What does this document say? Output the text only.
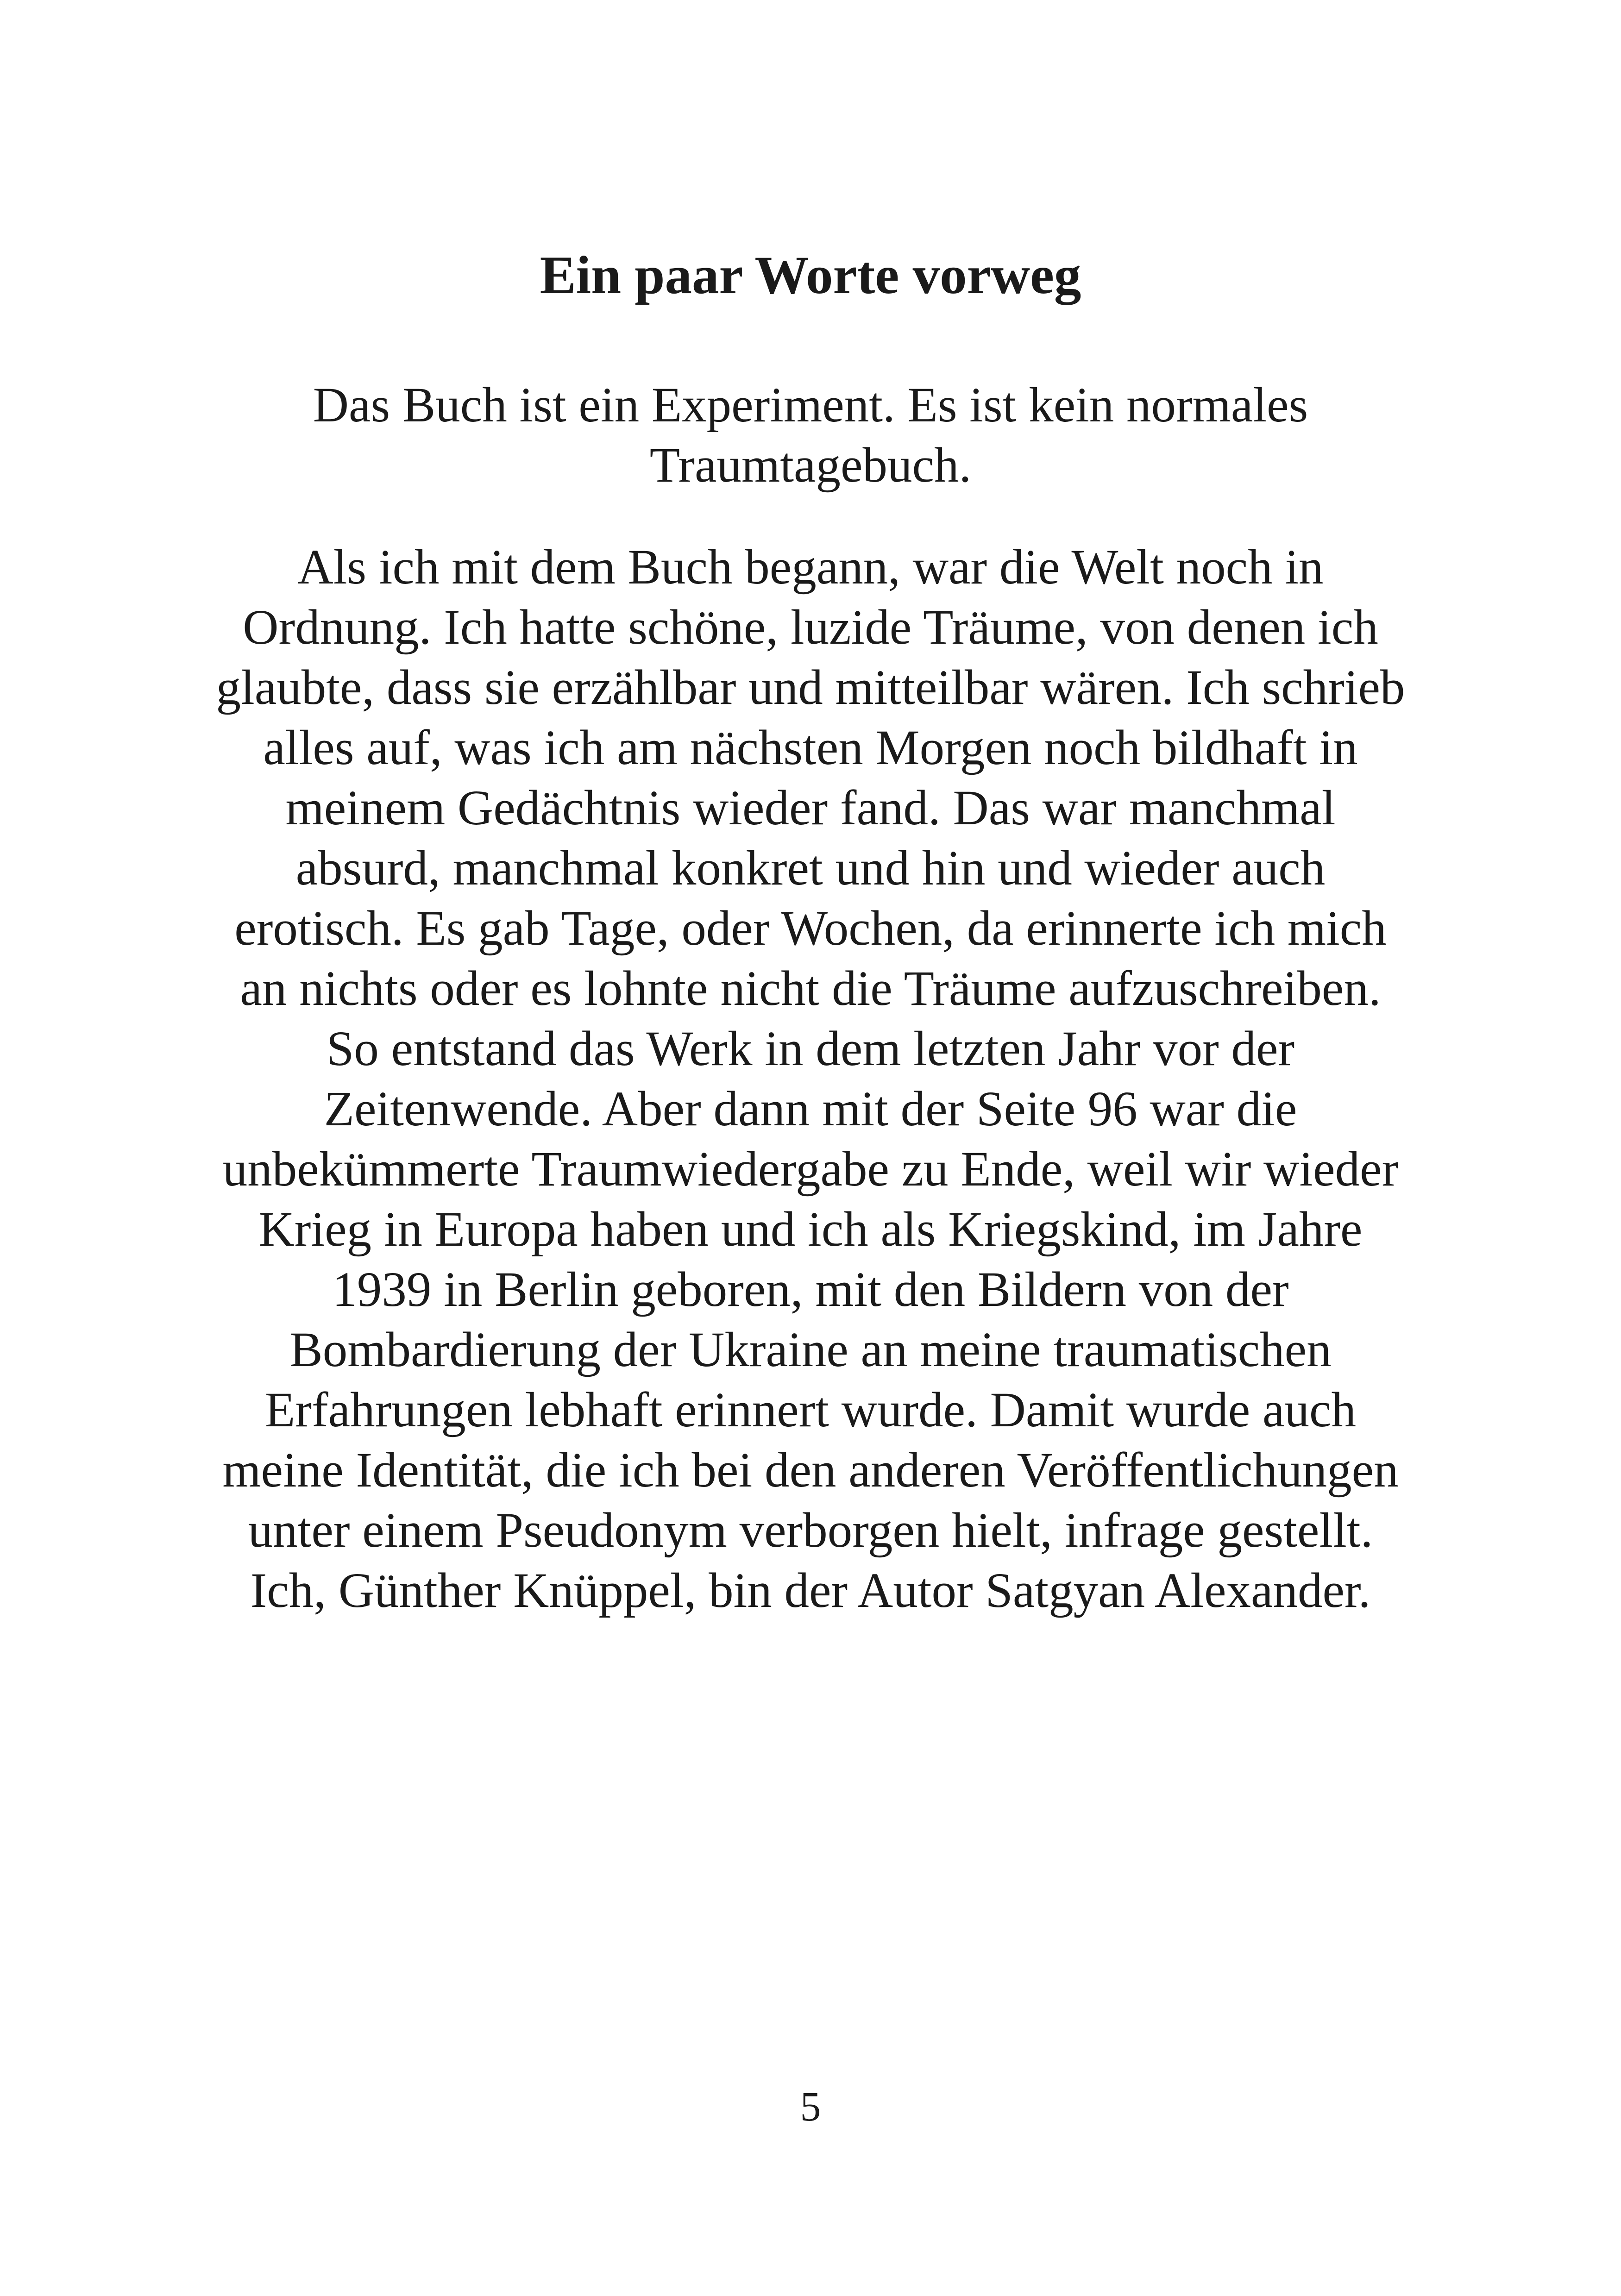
Ein paar Worte vorweg

Das Buch ist ein Experiment. Es ist kein normales Traumtagebuch.

Als ich mit dem Buch begann, war die Welt noch in Ordnung. Ich hatte schöne, luzide Träume, von denen ich glaubte, dass sie erzählbar und mitteilbar wären. Ich schrieb alles auf, was ich am nächsten Morgen noch bildhaft in meinem Gedächtnis wieder fand. Das war manchmal absurd, manchmal konkret und hin und wieder auch erotisch. Es gab Tage, oder Wochen, da erinnerte ich mich an nichts oder es lohnte nicht die Träume aufzuschreiben. So entstand das Werk in dem letzten Jahr vor der Zeitenwende. Aber dann mit der Seite 96 war die unbekümmerte Traumwiedergabe zu Ende, weil wir wieder Krieg in Europa haben und ich als Kriegskind, im Jahre 1939 in Berlin geboren, mit den Bildern von der Bombardierung der Ukraine an meine traumatischen Erfahrungen lebhaft erinnert wurde. Damit wurde auch meine Identität, die ich bei den anderen Veröffentlichungen unter einem Pseudonym verborgen hielt, infrage gestellt. Ich, Günther Knüppel, bin der Autor Satgyan Alexander.

5
